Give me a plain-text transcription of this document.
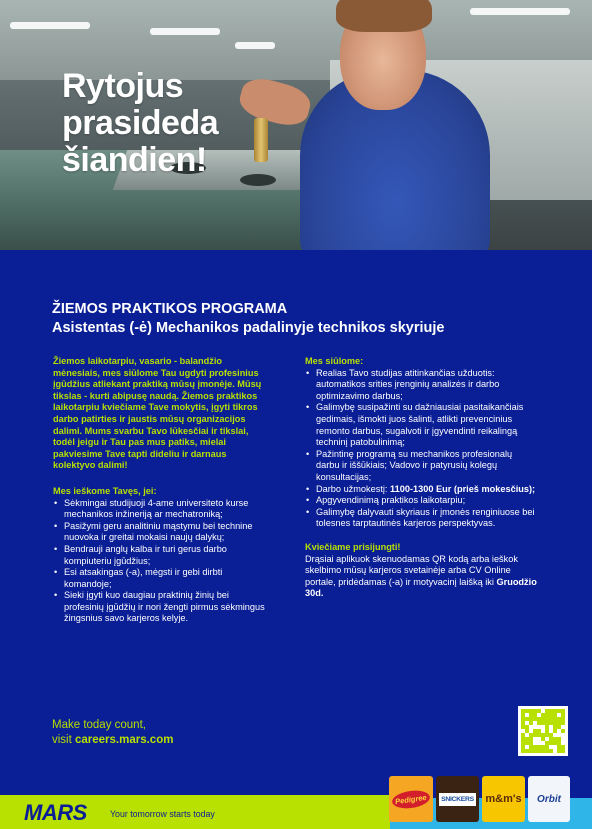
Rytojus
prasideda
šiandien!
ŽIEMOS PRAKTIKOS PROGRAMA
Asistentas (-ė) Mechanikos padalinyje technikos skyriuje
Žiemos laikotarpiu, vasario - balandžio mėnesiais, mes siūlome Tau ugdyti profesinius įgūdžius atliekant praktiką mūsų įmonėje. Mūsų tikslas - kurti abipusę naudą. Žiemos praktikos laikotarpiu kviečiame Tave mokytis, įgyti tikros darbo patirties ir jaustis mūsų organizacijos dalimi. Mums svarbu Tavo lūkesčiai ir tikslai, todėl jeigu ir Tau pas mus patiks, mielai pakviesime Tave tapti dideliu ir darnaus kolektyvo dalimi!
Mes ieškome Tavęs, jei:
• Sėkmingai studijuoji 4-ame universiteto kurse mechanikos inžineriją ar mechatroniką;
• Pasižymi geru analitiniu mąstymu bei technine nuovoka ir greitai mokaisi naujų dalykų;
• Bendrauji anglų kalba ir turi gerus darbo kompiuteriu įgūdžius;
• Esi atsakingas (-a), mėgsti ir gebi dirbti komandoje;
• Sieki įgyti kuo daugiau praktinių žinių bei profesinių įgūdžių ir nori žengti pirmus sėkmingus žingsnius savo karjeros kelyje.
Mes siūlome:
• Realias Tavo studijas atitinkančias užduotis: automatikos srities įrenginių analizės ir darbo optimizavimo darbus;
• Galimybę susipažinti su dažniausiai pasitaikančiais gedimais, išmokti juos šalinti, atlikti prevencinius remonto darbus, sugalvoti ir įgyvendinti reikalingą techninį patobulinimą;
• Pažintinę programą su mechanikos profesionalų darbu ir iššūkiais; Vadovo ir patyrusių kolegų konsultacijas;
• Darbo užmokestį: 1100-1300 Eur (prieš mokesčius);
• Apgyvendinimą praktikos laikotarpiu;
• Galimybę dalyvauti skyriaus ir įmonės renginiuose bei tolesnes tarptautinės karjeros perspektyvas.
Kviečiame prisijungti!
Drąsiai aplikuok skenuodamas QR kodą arba ieškok skelbimo mūsų karjeros svetainėje arba CV Online portale, pridėdamas (-a) ir motyvacinį laišką iki Gruodžio 30d.
Make today count,
visit careers.mars.com
MARS	Your tomorrow starts today
Pedigree	SNICKERS	m&m's	Orbit
